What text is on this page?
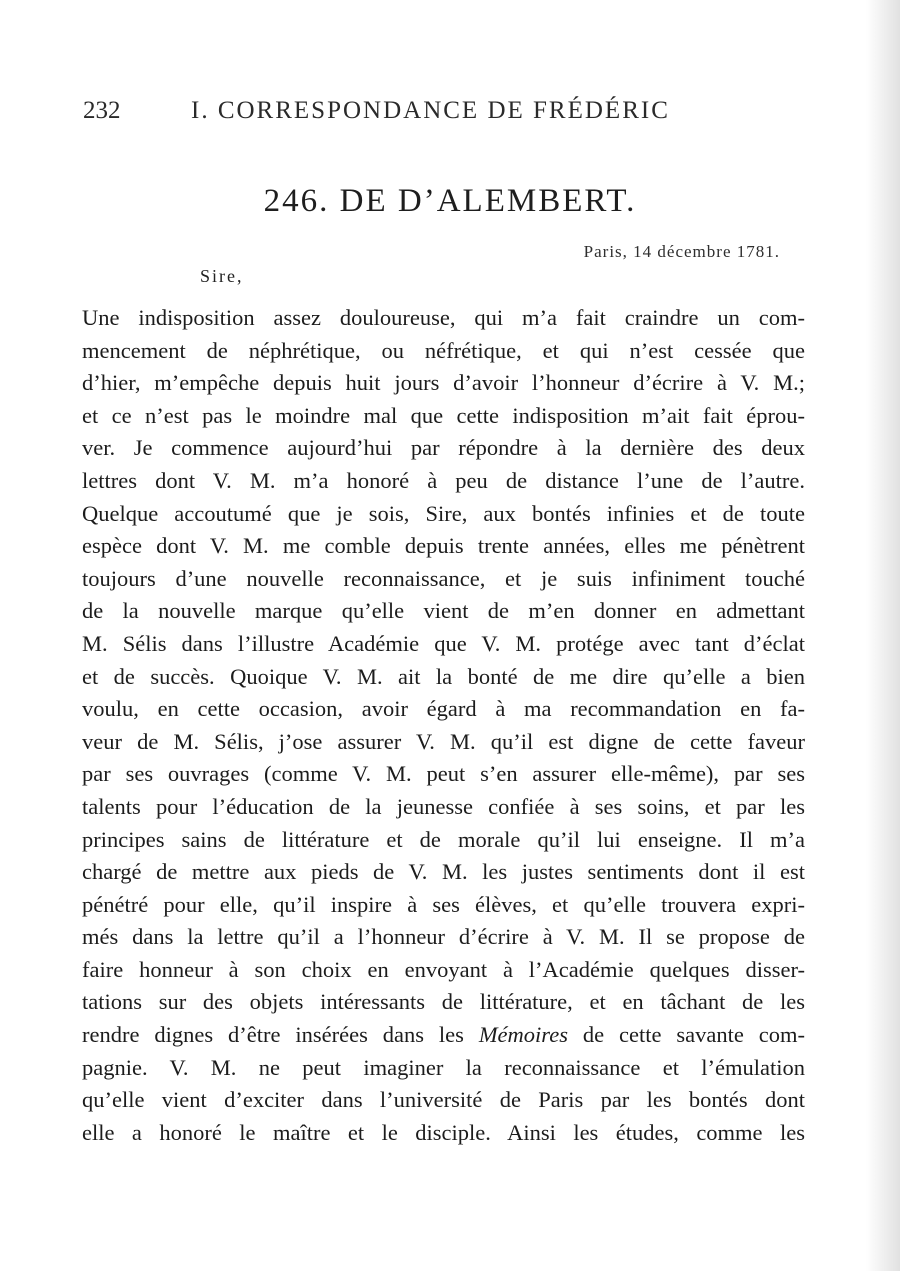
232	I. CORRESPONDANCE DE FRÉDÉRIC
246. DE D’ALEMBERT.
Paris, 14 décembre 1781.
Sire,
Une indisposition assez douloureuse, qui m’a fait craindre un com-
mencement de néphrétique, ou néfrétique, et qui n’est cessée que
d’hier, m’empêche depuis huit jours d’avoir l’honneur d’écrire à V. M.;
et ce n’est pas le moindre mal que cette indisposition m’ait fait éprou-
ver. Je commence aujourd’hui par répondre à la dernière des deux
lettres dont V. M. m’a honoré à peu de distance l’une de l’autre.
Quelque accoutumé que je sois, Sire, aux bontés infinies et de toute
espèce dont V. M. me comble depuis trente années, elles me pénètrent
toujours d’une nouvelle reconnaissance, et je suis infiniment touché
de la nouvelle marque qu’elle vient de m’en donner en admettant
M. Sélis dans l’illustre Académie que V. M. protége avec tant d’éclat
et de succès. Quoique V. M. ait la bonté de me dire qu’elle a bien
voulu, en cette occasion, avoir égard à ma recommandation en fa-
veur de M. Sélis, j’ose assurer V. M. qu’il est digne de cette faveur
par ses ouvrages (comme V. M. peut s’en assurer elle-même), par ses
talents pour l’éducation de la jeunesse confiée à ses soins, et par les
principes sains de littérature et de morale qu’il lui enseigne. Il m’a
chargé de mettre aux pieds de V. M. les justes sentiments dont il est
pénétré pour elle, qu’il inspire à ses élèves, et qu’elle trouvera expri-
més dans la lettre qu’il a l’honneur d’écrire à V. M. Il se propose de
faire honneur à son choix en envoyant à l’Académie quelques disser-
tations sur des objets intéressants de littérature, et en tâchant de les
rendre dignes d’être insérées dans les Mémoires de cette savante com-
pagnie. V. M. ne peut imaginer la reconnaissance et l’émulation
qu’elle vient d’exciter dans l’université de Paris par les bontés dont
elle a honoré le maître et le disciple. Ainsi les études, comme les
